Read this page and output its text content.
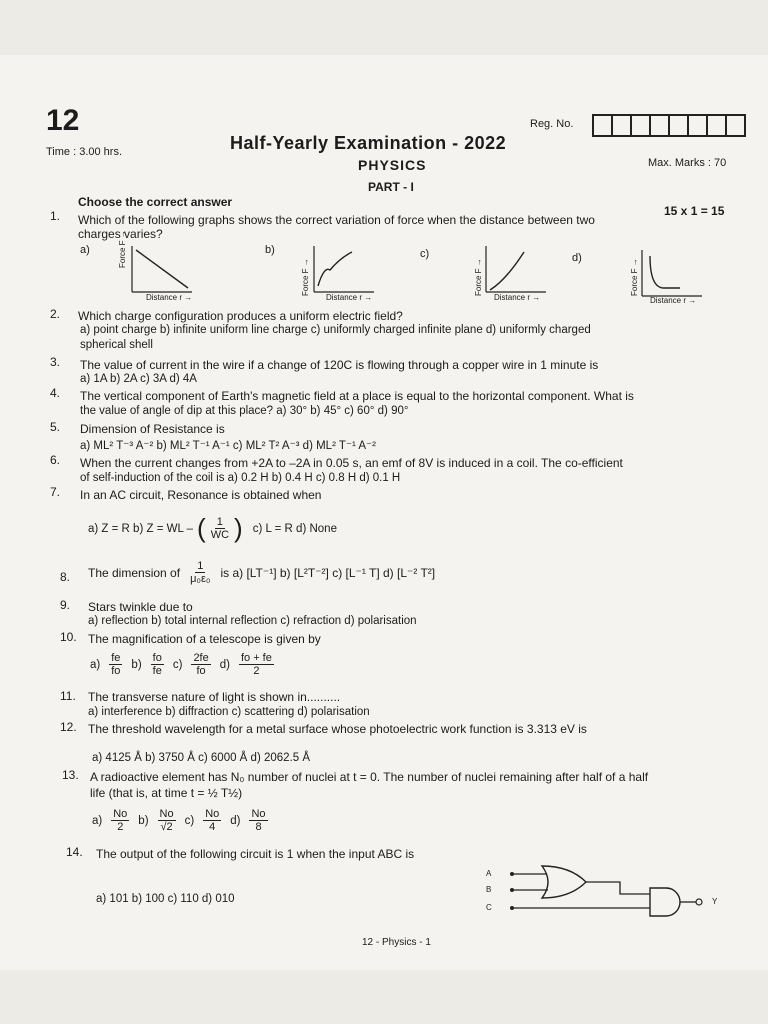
12
Time : 3.00 hrs.	Half-Yearly Examination - 2022
PHYSICS
PART - I
Reg. No.
Max. Marks : 70
Choose the correct answer
15 x 1 = 15
1. Which of the following graphs shows the correct variation of force when the distance between two
charges varies?
a)	Force F →
Distance r →
b)
Force F →
Distance r →
c)
Force F →
Distance r →
d)
Force F →
Distance r →
2. Which charge configuration produces a uniform electric field?
a) point charge b) infinite uniform line charge c) uniformly charged infinite plane d) uniformly charged
spherical shell
3. The value of current in the wire if a change of 120C is flowing through a copper wire in 1 minute is
a) 1A b) 2A c) 3A d) 4A
4. The vertical component of Earth's magnetic field at a place is equal to the horizontal component. What is
the value of angle of dip at this place? a) 30° b) 45° c) 60° d) 90°
5. Dimension of Resistance is
a) ML² T⁻³ A⁻² b) ML² T⁻¹ A⁻¹ c) ML² T² A⁻³ d) ML² T⁻¹ A⁻²
6. When the current changes from +2A to –2A in 0.05 s, an emf of 8V is induced in a coil. The co-efficient
of self-induction of the coil is a) 0.2 H b) 0.4 H c) 0.8 H d) 0.1 H
7. In an AC circuit, Resonance is obtained when
a) Z = R b) Z = WL – ( $\frac{1}{WC}$ ) c) L = R d) None
8. The dimension of $\frac{1}{\text{μ₀ε₀}}$ is a) [LT⁻¹] b) [L²T⁻²] c) [L⁻¹ T] d) [L⁻² T²]
9. Stars twinkle due to
a) reflection b) total internal reflection c) refraction d) polarisation
10. The magnification of a telescope is given by
$a) \frac{fe}{fo} b) \frac{fo}{fe} c) \frac{2fe}{fo} d) \frac{fo + fe}{2}$
11. The transverse nature of light is shown in..........
a) interference b) diffraction c) scattering d) polarisation
12. The threshold wavelength for a metal surface whose photoelectric work function is 3.313 eV is
a) 4125 Å b) 3750 Å c) 6000 Å d) 2062.5 Å
13. A radioactive element has N₀ number of nuclei at t = 0. The number of nuclei remaining after half of a half
life (that is, at time t = ½ T½)
$a) \frac{No}{2} b) \frac{No}{√2} c) \frac{No}{4} d) \frac{No}{8}$
14. The output of the following circuit is 1 when the input ABC is
a) 101 b) 100 c) 110 d) 010
A
B
C
Y
12 - Physics - 1
